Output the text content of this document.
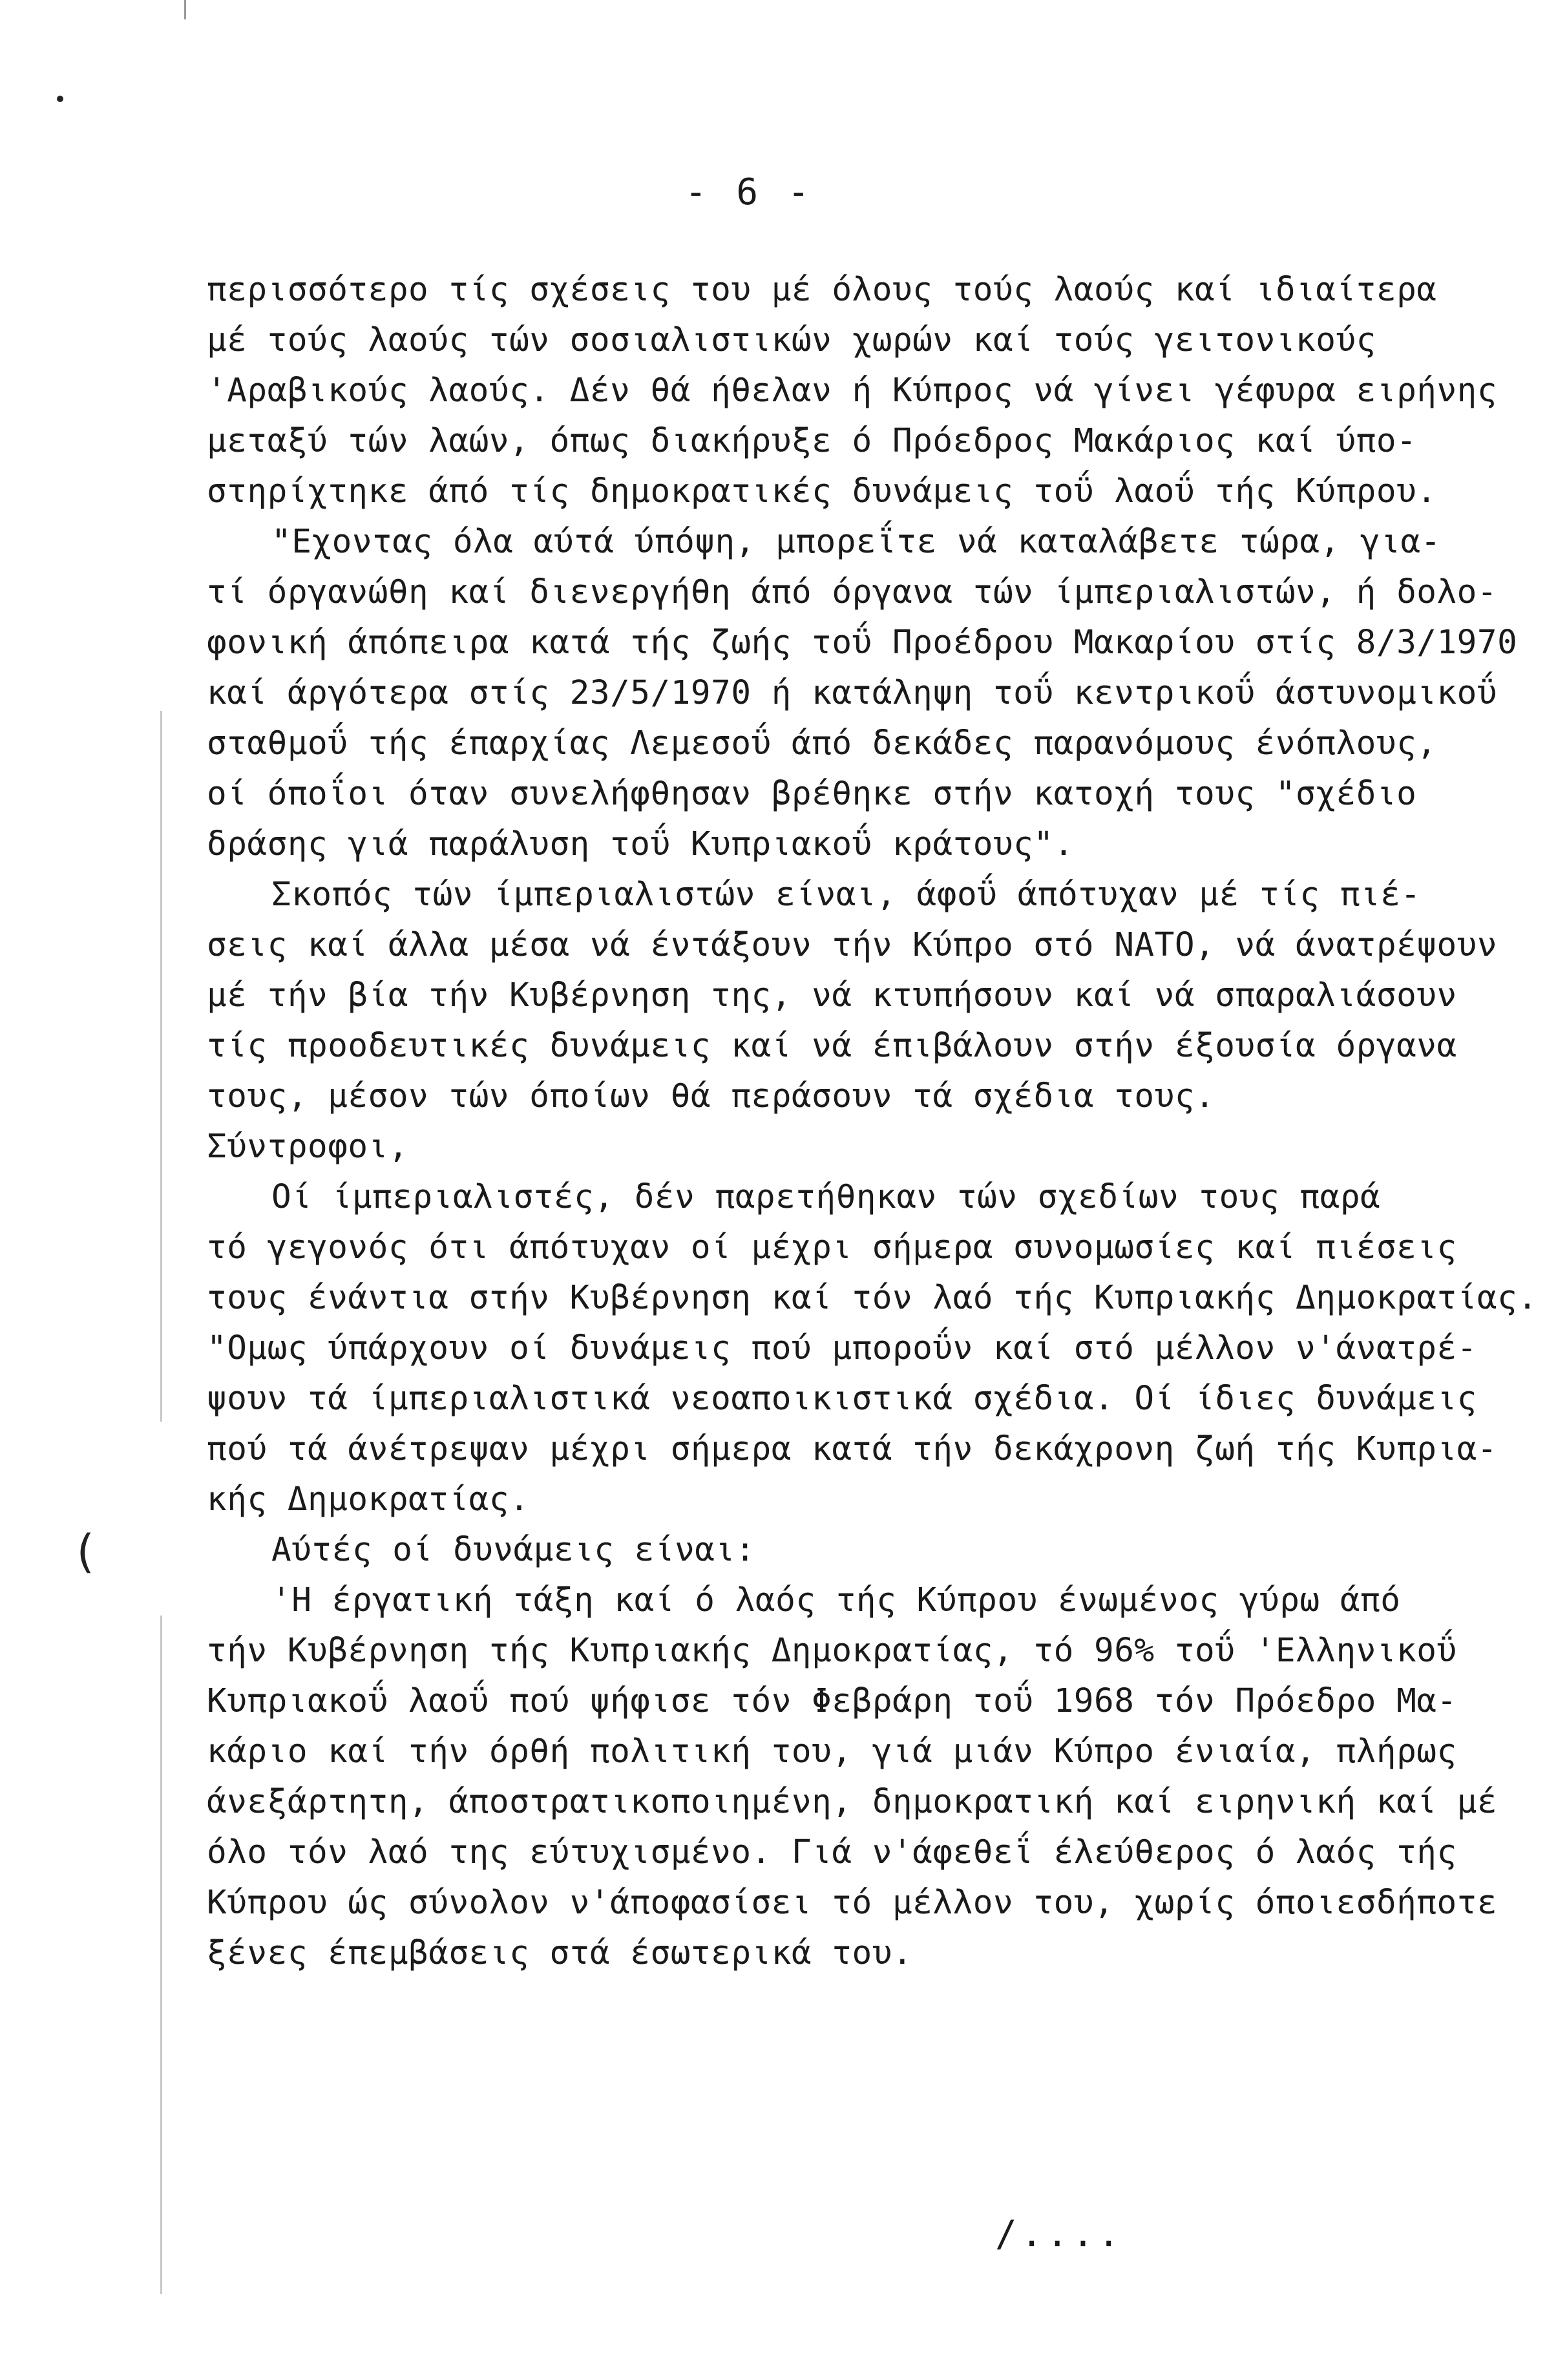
(
- 6 -
περισσότερο τίς σχέσεις του μέ όλους τούς λαούς καί ιδιαίτερα
μέ τούς λαούς τών σοσιαλιστικών χωρών καί τούς γειτονικούς
'Αραβικούς λαούς. Δέν θά ήθελαν ή Κύπρος νά γίνει γέφυρα ειρήνης
μεταξύ τών λαών, όπως διακήρυξε ό Πρόεδρος Μακάριος καί ύπο-
στηρίχτηκε άπό τίς δημοκρατικές δυνάμεις τοΰ λαοΰ τής Κύπρου.
"Εχοντας όλα αύτά ύπόψη, μπορεΐτε νά καταλάβετε τώρα, για-
τί όργανώθη καί διενεργήθη άπό όργανα τών ίμπεριαλιστών, ή δολο-
φονική άπόπειρα κατά τής ζωής τοΰ Προέδρου Μακαρίου στίς 8/3/1970
καί άργότερα στίς 23/5/1970 ή κατάληψη τοΰ κεντρικοΰ άστυνομικοΰ
σταθμοΰ τής έπαρχίας Λεμεσοΰ άπό δεκάδες παρανόμους ένόπλους,
οί όποΐοι όταν συνελήφθησαν βρέθηκε στήν κατοχή τους "σχέδιο
δράσης γιά παράλυση τοΰ Κυπριακοΰ κράτους".
Σκοπός τών ίμπεριαλιστών είναι, άφοΰ άπότυχαν μέ τίς πιέ-
σεις καί άλλα μέσα νά έντάξουν τήν Κύπρο στό ΝΑΤΟ, νά άνατρέψουν
μέ τήν βία τήν Κυβέρνηση της, νά κτυπήσουν καί νά σπαραλιάσουν
τίς προοδευτικές δυνάμεις καί νά έπιβάλουν στήν έξουσία όργανα
τους, μέσον τών όποίων θά περάσουν τά σχέδια τους.
Σύντροφοι,
Οί ίμπεριαλιστές, δέν παρετήθηκαν τών σχεδίων τους παρά
τό γεγονός ότι άπότυχαν οί μέχρι σήμερα συνομωσίες καί πιέσεις
τους ένάντια στήν Κυβέρνηση καί τόν λαό τής Κυπριακής Δημοκρατίας.
"Ομως ύπάρχουν οί δυνάμεις πού μποροΰν καί στό μέλλον ν'άνατρέ-
ψουν τά ίμπεριαλιστικά νεοαποικιστικά σχέδια. Οί ίδιες δυνάμεις
πού τά άνέτρεψαν μέχρι σήμερα κατά τήν δεκάχρονη ζωή τής Κυπρια-
κής Δημοκρατίας.
Αύτές οί δυνάμεις είναι:
'Η έργατική τάξη καί ό λαός τής Κύπρου ένωμένος γύρω άπό
τήν Κυβέρνηση τής Κυπριακής Δημοκρατίας, τό 96% τοΰ 'Ελληνικοΰ
Κυπριακοΰ λαοΰ πού ψήφισε τόν Φεβράρη τοΰ 1968 τόν Πρόεδρο Μα-
κάριο καί τήν όρθή πολιτική του, γιά μιάν Κύπρο ένιαία, πλήρως
άνεξάρτητη, άποστρατικοποιημένη, δημοκρατική καί ειρηνική καί μέ
όλο τόν λαό της εύτυχισμένο. Γιά ν'άφεθεΐ έλεύθερος ό λαός τής
Κύπρου ώς σύνολον ν'άποφασίσει τό μέλλον του, χωρίς όποιεσδήποτε
ξένες έπεμβάσεις στά έσωτερικά του.
/....
